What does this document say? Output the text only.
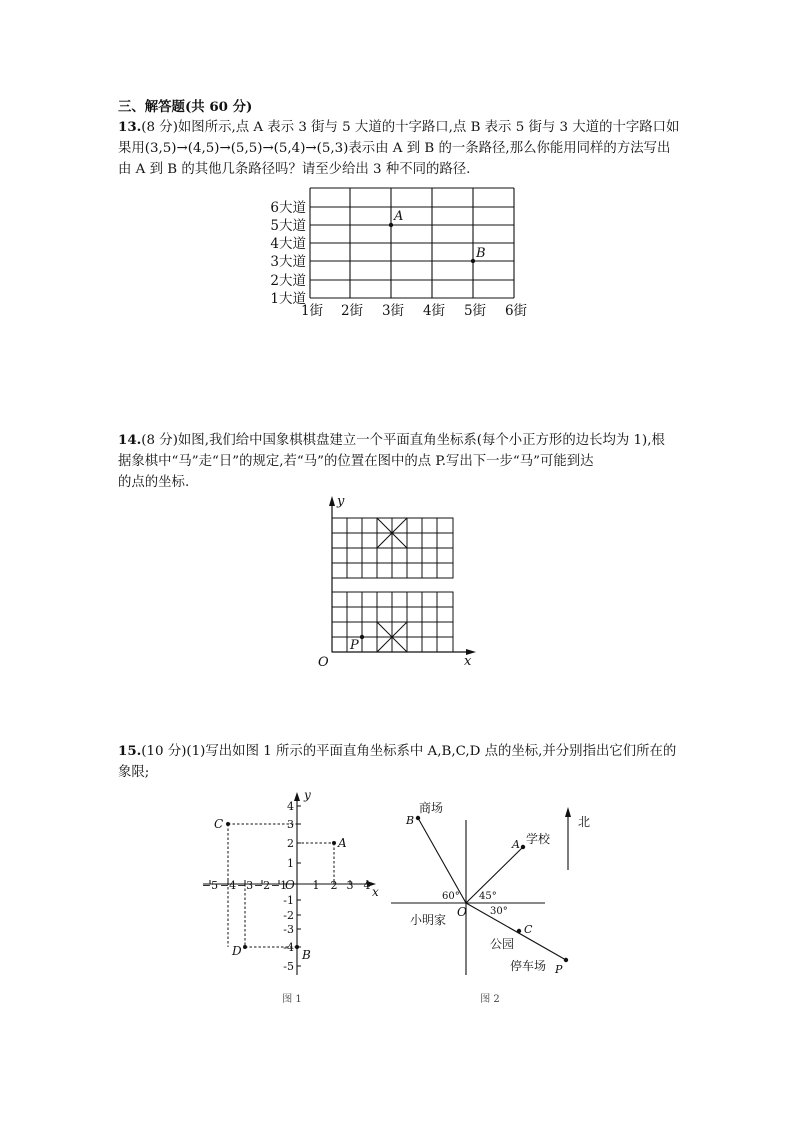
三、解答题(共 60 分)
13.(8 分)如图所示,点 A 表示 3 街与 5 大道的十字路口,点 B 表示 5 街与 3 大道的十字路口如
果用(3,5)→(4,5)→(5,5)→(5,4)→(5,3)表示由 A 到 B 的一条路径,那么你能用同样的方法写出
由 A 到 B 的其他几条路径吗？请至少给出 3 种不同的路径.
6大道
5大道
4大道
3大道
2大道
1大道
1街 2街 3街 4街 5街 6街
A
B
14.(8 分)如图,我们给中国象棋棋盘建立一个平面直角坐标系(每个小正方形的边长均为 1),根
据象棋中“马”走“日”的规定,若“马”的位置在图中的点 P.写出下一步“马”可能到达
的点的坐标.
y
x
O
P
15.(10 分)(1)写出如图 1 所示的平面直角坐标系中 A,B,C,D 点的坐标,并分别指出它们所在的
象限;
4
3
2
1
-1
-2
-3
-4
-5
−5 −4 −3 −2 −1 1 2 3 4
y
x
O
C
A
D	B
图 1
北
商场
B
学校
A
60° 45°
30°
O
小明家
C
公园
停车场 P
图 2
